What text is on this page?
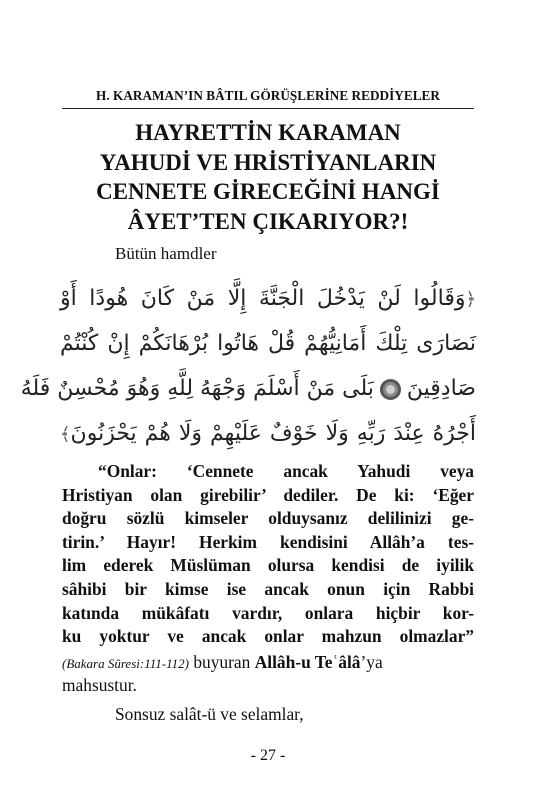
H. KARAMAN’IN BÂTIL GÖRÜŞLERİNE REDDİYELER
HAYRETTİN KARAMAN
YAHUDİ VE HRİSTİYANLARIN
CENNETE GİRECEĞİNİ HANGİ
ÂYET’TEN ÇIKARIYOR?!
Bütün hamdler
﴿وَقَالُوا لَنْ يَدْخُلَ الْجَنَّةَ إِلَّا مَنْ كَانَ هُودًا أَوْ
نَصَارَى تِلْكَ أَمَانِيُّهُمْ قُلْ هَاتُوا بُرْهَانَكُمْ إِنْ كُنْتُمْ
صَادِقِينَبَلَى مَنْ أَسْلَمَ وَجْهَهُ لِلَّهِ وَهُوَ مُحْسِنٌ فَلَهُ
أَجْرُهُ عِنْدَ رَبِّهِ وَلَا خَوْفٌ عَلَيْهِمْ وَلَا هُمْ يَحْزَنُونَ﴾
“Onlar: ‘Cennete ancak Yahudi veya
Hristiyan olan girebilir’ dediler. De ki: ‘Eğer
doğru sözlü kimseler olduysanız delilinizi ge-
tirin.’ Hayır! Herkim kendisini Allâh’a tes-
lim ederek Müslüman olursa kendisi de iyilik
sâhibi bir kimse ise ancak onun için Rabbi
katında mükâfatı vardır, onlara hiçbir kor-
ku yoktur ve ancak onlar mahzun olmazlar”
(Bakara Sûresi:111-112) buyuran Allâh-u Teʿâlâ’ya
mahsustur.
Sonsuz salât-ü ve selamlar,
- 27 -
